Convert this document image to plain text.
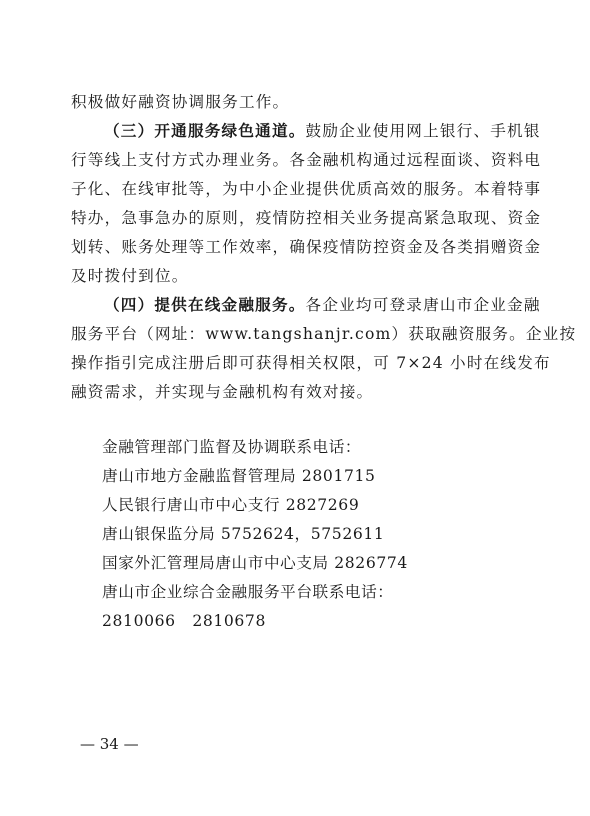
积极做好融资协调服务工作。
（三）开通服务绿色通道。鼓励企业使用网上银行、手机银
行等线上支付方式办理业务。各金融机构通过远程面谈、资料电
子化、在线审批等，为中小企业提供优质高效的服务。本着特事
特办，急事急办的原则，疫情防控相关业务提高紧急取现、资金
划转、账务处理等工作效率，确保疫情防控资金及各类捐赠资金
及时拨付到位。
（四）提供在线金融服务。各企业均可登录唐山市企业金融
服务平台（网址：www.tangshanjr.com）获取融资服务。企业按
操作指引完成注册后即可获得相关权限，可 7×24 小时在线发布
融资需求，并实现与金融机构有效对接。
金融管理部门监督及协调联系电话：
唐山市地方金融监督管理局 2801715
人民银行唐山市中心支行 2827269
唐山银保监分局 5752624，5752611
国家外汇管理局唐山市中心支局 2826774
唐山市企业综合金融服务平台联系电话：
2810066   2810678
— 34 —
